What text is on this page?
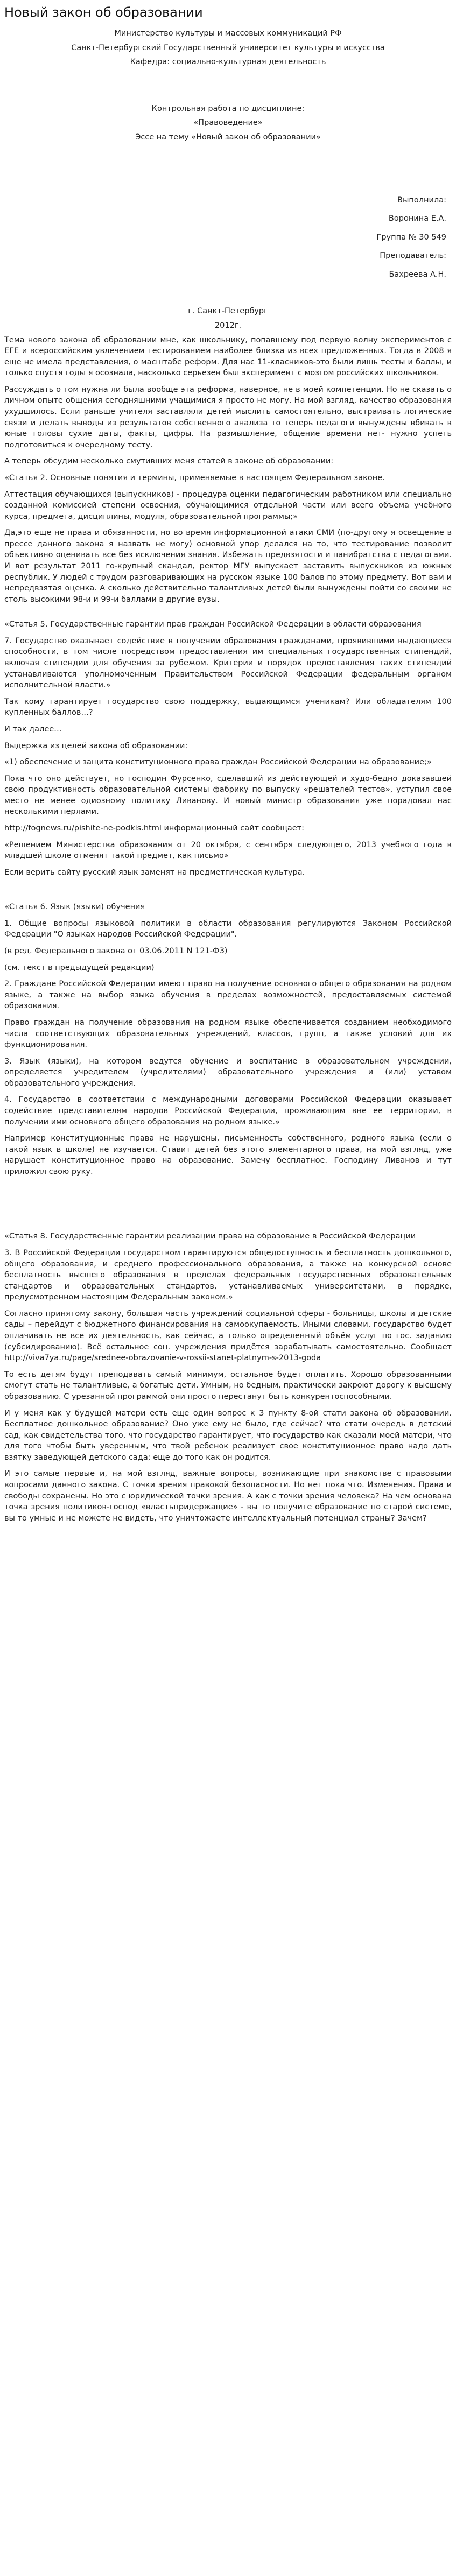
Новый закон об образовании

Министерство культуры и массовых коммуникаций РФ

Санкт-Петербургский Государственный университет культуры и искусства

Кафедра: социально-культурная деятельность

Контрольная работа по дисциплине:

«Правоведение»

Эссе на тему «Новый закон об образовании»

Выполнила:

Воронина Е.А.

Группа № 30 549

Преподаватель:

Бахреева А.Н.

г. Санкт-Петербург

2012г.

Тема нового закона об образовании мне, как школьнику, попавшему под первую волну экспериментов с ЕГЕ и всероссийским увлечением тестированием наиболее близка из всех предложенных. Тогда в 2008 я еще не имела представления, о масштабе реформ. Для нас 11-класников-это были лишь тесты и баллы, и только спустя годы я осознала, насколько серьезен был эксперимент с мозгом российских школьников.

Рассуждать о том нужна ли была вообще эта реформа, наверное, не в моей компетенции. Но не сказать о личном опыте общения сегодняшними учащимися я просто не могу. На мой взгляд, качество образования ухудшилось. Если раньше учителя заставляли детей мыслить самостоятельно, выстраивать логические связи и делать выводы из результатов собственного анализа то теперь педагоги вынуждены вбивать в юные головы сухие даты, факты, цифры. На размышление, общение времени нет- нужно успеть подготовиться к очередному тесту.

А теперь обсудим несколько смутивших меня статей в законе об образовании:

«Статья 2. Основные понятия и термины, применяемые в настоящем Федеральном законе.

Аттестация обучающихся (выпускников) - процедура оценки педагогическим работником или специально созданной комиссией степени освоения, обучающимися отдельной части или всего объема учебного курса, предмета, дисциплины, модуля, образовательной программы;»

Да,это еще не права и обязанности, но во время информационной атаки СМИ (по-другому я освещение в прессе данного закона я назвать не могу) основной упор делался на то, что тестирование позволит объективно оценивать все без исключения знания. Избежать предвзятости и панибратства с педагогами. И вот результат 2011 го-крупный скандал, ректор МГУ выпускает заставить выпускников из южных республик. У людей с трудом разговаривающих на русском языке 100 балов по этому предмету. Вот вам и непредвзятая оценка. А сколько действительно талантливых детей были вынуждены пойти со своими не столь высокими 98-и и 99-и баллами в другие вузы.

«Статья 5. Государственные гарантии прав граждан Российской Федерации в области образования

7. Государство оказывает содействие в получении образования гражданами, проявившими выдающиеся способности, в том числе посредством предоставления им специальных государственных стипендий, включая стипендии для обучения за рубежом. Критерии и порядок предоставления таких стипендий устанавливаются уполномоченным Правительством Российской Федерации федеральным органом исполнительной власти.»

Так кому гарантирует государство свою поддержку, выдающимся ученикам? Или обладателям 100 купленных баллов…?

И так далее…

Выдержка из целей закона об образовании:

«1) обеспечение и защита конституционного права граждан Российской Федерации на образование;»

Пока что оно действует, но господин Фурсенко, сделавший из действующей и худо-бедно доказавшей свою продуктивность образовательной системы фабрику по выпуску «решателей тестов», уступил свое место не менее одиозному политику Ливанову. И новый министр образования уже порадовал нас несколькими перлами.

http://fognews.ru/pishite-ne-podkis.html информационный сайт сообщает:

«Решением Министерства образования от 20 октября, с сентября следующего, 2013 учебного года в младшей школе отменят такой предмет, как письмо»

Если верить сайту русский язык заменят на предметгическая культура.

«Статья 6. Язык (языки) обучения

1. Общие вопросы языковой политики в области образования регулируются Законом Российской Федерации "О языках народов Российской Федерации".

(в ред. Федерального закона от 03.06.2011 N 121-ФЗ)

(см. текст в предыдущей редакции)

2. Граждане Российской Федерации имеют право на получение основного общего образования на родном языке, а также на выбор языка обучения в пределах возможностей, предоставляемых системой образования.

Право граждан на получение образования на родном языке обеспечивается созданием необходимого числа соответствующих образовательных учреждений, классов, групп, а также условий для их функционирования.

3. Язык (языки), на котором ведутся обучение и воспитание в образовательном учреждении, определяется учредителем (учредителями) образовательного учреждения и (или) уставом образовательного учреждения.

4. Государство в соответствии с международными договорами Российской Федерации оказывает содействие представителям народов Российской Федерации, проживающим вне ее территории, в получении ими основного общего образования на родном языке.»

Например конституционные права не нарушены, письменность собственного, родного языка (если о такой язык в школе) не изучается. Ставит детей без этого элементарного права, на мой взгляд, уже нарушает конституционное право на образование. Замечу бесплатное. Господину Ливанов и тут приложил свою руку.

«Статья 8. Государственные гарантии реализации права на образование в Российской Федерации

3. В Российской Федерации государством гарантируются общедоступность и бесплатность дошкольного, общего образования, и среднего профессионального образования, а также на конкурсной основе бесплатность высшего образования в пределах федеральных государственных образовательных стандартов и образовательных стандартов, устанавливаемых университетами, в порядке, предусмотренном настоящим Федеральным законом.»

Согласно принятому закону, большая часть учреждений социальной сферы - больницы, школы и детские сады – перейдут с бюджетного финансирования на самоокупаемость. Иными словами, государство будет оплачивать не все их деятельность, как сейчас, а только определенный объём услуг по гос. заданию (субсидированию). Всё остальное соц. учреждения придётся зарабатывать самостоятельно. Сообщает http://viva7ya.ru/page/srednee-obrazovanie-v-rossii-stanet-platnym-s-2013-goda

То есть детям будут преподавать самый минимум, остальное будет оплатить. Хорошо образованными смогут стать не талантливые, а богатые дети. Умным, но бедным, практически закроют дорогу к высшему образованию. С урезанной программой они просто перестанут быть конкурентоспособными.

И у меня как у будущей матери есть еще один вопрос к 3 пункту 8-ой стати закона об образовании. Бесплатное дошкольное образование? Оно уже ему не было, где сейчас? что стати очередь в детский сад, как свидетельства того, что государство гарантирует, что государство как сказали моей матери, что для того чтобы быть уверенным, что твой ребенок реализует свое конституционное право надо дать взятку заведующей детского сада; еще до того как он родится.

И это самые первые и, на мой взгляд, важные вопросы, возникающие при знакомстве с правовыми вопросами данного закона. С точки зрения правовой безопасности. Но нет пока что. Изменения. Права и свободы сохранены. Но это с юридической точки зрения. А как с точки зрения человека? На чем основана точка зрения политиков-господ «властьпридержащие» - вы то получите образование по старой системе, вы то умные и не можете не видеть, что уничтожаете интеллектуальный потенциал страны? Зачем?
